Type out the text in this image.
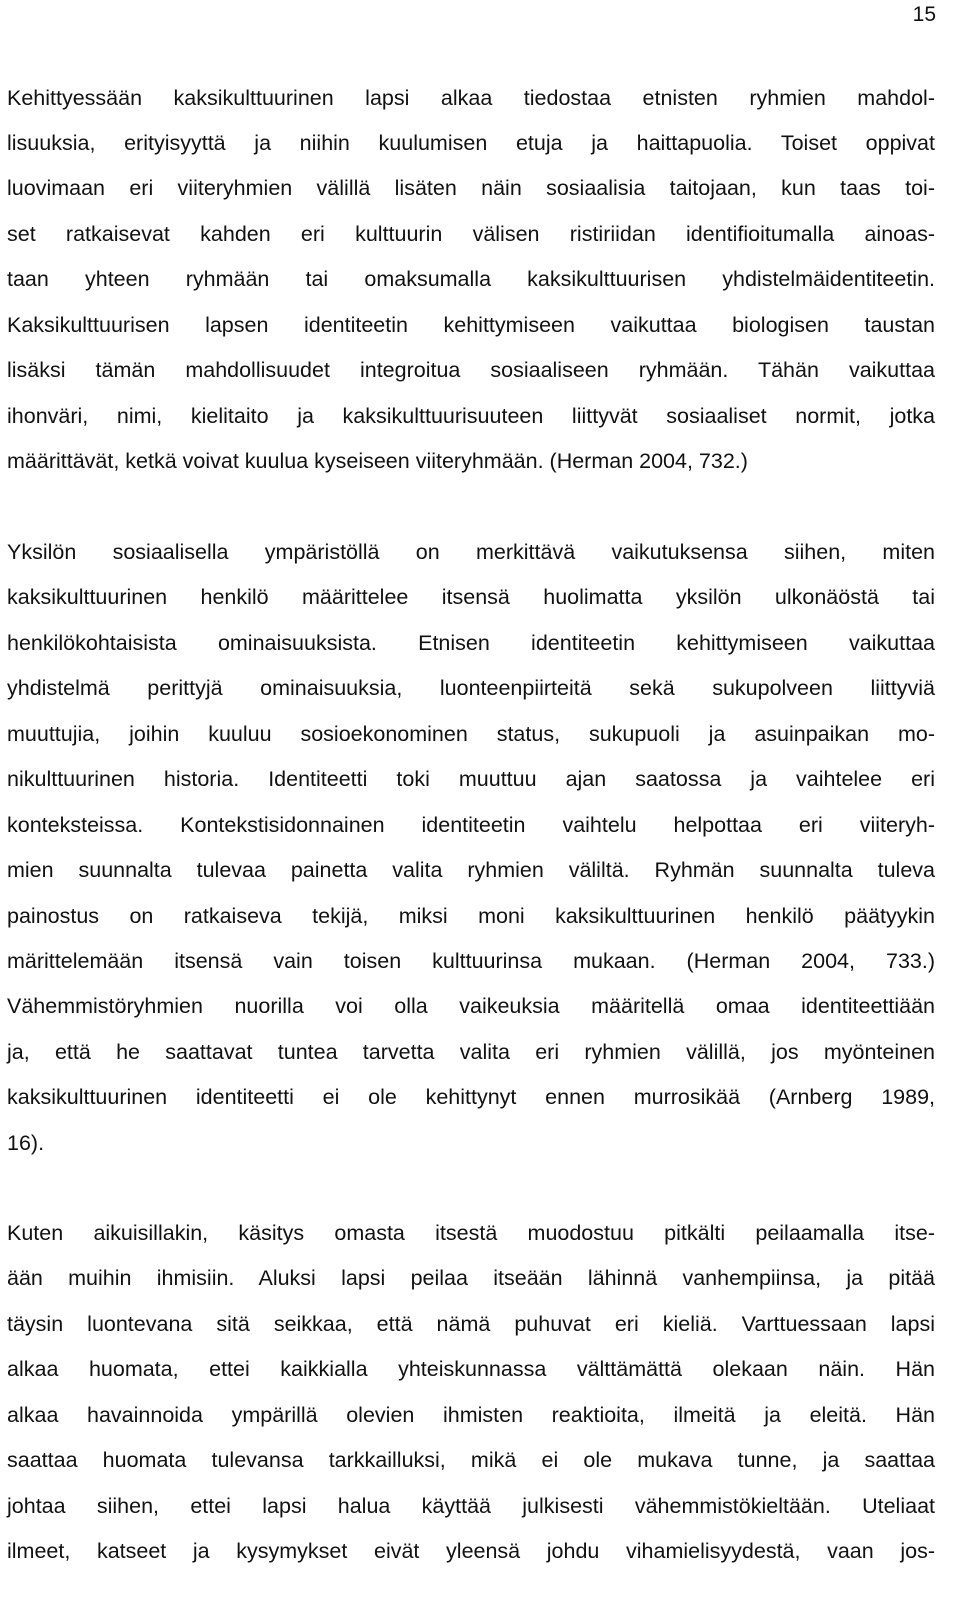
15
Kehittyessään kaksikulttuurinen lapsi alkaa tiedostaa etnisten ryhmien mahdol-
lisuuksia, erityisyyttä ja niihin kuulumisen etuja ja haittapuolia. Toiset oppivat
luovimaan eri viiteryhmien välillä lisäten näin sosiaalisia taitojaan, kun taas toi-
set ratkaisevat kahden eri kulttuurin välisen ristiriidan identifioitumalla ainoas-
taan yhteen ryhmään tai omaksumalla kaksikulttuurisen yhdistelmäidentiteetin.
Kaksikulttuurisen lapsen identiteetin kehittymiseen vaikuttaa biologisen taustan
lisäksi tämän mahdollisuudet integroitua sosiaaliseen ryhmään. Tähän vaikuttaa
ihonväri, nimi, kielitaito ja kaksikulttuurisuuteen liittyvät sosiaaliset normit, jotka
määrittävät, ketkä voivat kuulua kyseiseen viiteryhmään. (Herman 2004, 732.)
Yksilön sosiaalisella ympäristöllä on merkittävä vaikutuksensa siihen, miten
kaksikulttuurinen henkilö määrittelee itsensä huolimatta yksilön ulkonäöstä tai
henkilökohtaisista ominaisuuksista. Etnisen identiteetin kehittymiseen vaikuttaa
yhdistelmä perittyjä ominaisuuksia, luonteenpiirteitä sekä sukupolveen liittyviä
muuttujia, joihin kuuluu sosioekonominen status, sukupuoli ja asuinpaikan mo-
nikulttuurinen historia. Identiteetti toki muuttuu ajan saatossa ja vaihtelee eri
konteksteissa. Kontekstisidonnainen identiteetin vaihtelu helpottaa eri viiteryh-
mien suunnalta tulevaa painetta valita ryhmien väliltä. Ryhmän suunnalta tuleva
painostus on ratkaiseva tekijä, miksi moni kaksikulttuurinen henkilö päätyykin
märittelemään itsensä vain toisen kulttuurinsa mukaan. (Herman 2004, 733.)
Vähemmistöryhmien nuorilla voi olla vaikeuksia määritellä omaa identiteettiään
ja, että he saattavat tuntea tarvetta valita eri ryhmien välillä, jos myönteinen
kaksikulttuurinen identiteetti ei ole kehittynyt ennen murrosikää (Arnberg 1989,
16).
Kuten aikuisillakin, käsitys omasta itsestä muodostuu pitkälti peilaamalla itse-
ään muihin ihmisiin. Aluksi lapsi peilaa itseään lähinnä vanhempiinsa, ja pitää
täysin luontevana sitä seikkaa, että nämä puhuvat eri kieliä. Varttuessaan lapsi
alkaa huomata, ettei kaikkialla yhteiskunnassa välttämättä olekaan näin. Hän
alkaa havainnoida ympärillä olevien ihmisten reaktioita, ilmeitä ja eleitä. Hän
saattaa huomata tulevansa tarkkailluksi, mikä ei ole mukava tunne, ja saattaa
johtaa siihen, ettei lapsi halua käyttää julkisesti vähemmistökieltään. Uteliaat
ilmeet, katseet ja kysymykset eivät yleensä johdu vihamielisyydestä, vaan jos-
